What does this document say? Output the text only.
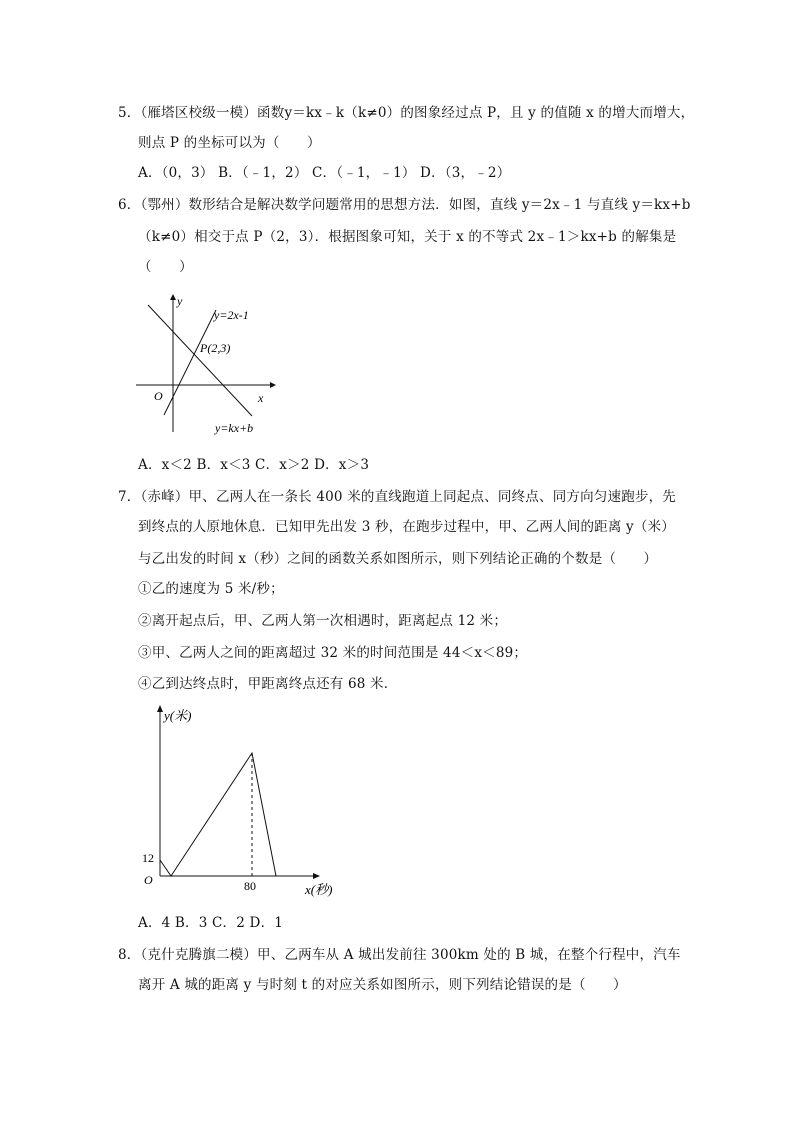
5．（雁塔区校级一模）函数y＝kx﹣k（k≠0）的图象经过点 P，且 y 的值随 x 的增大而增大，
则点 P 的坐标可以为（　　）
A．（0，3） B．（﹣1，2） C．（﹣1，﹣1） D．（3，﹣2）
6．（鄂州）数形结合是解决数学问题常用的思想方法．如图，直线 y＝2x﹣1 与直线 y＝kx+b
（k≠0）相交于点 P（2，3）．根据图象可知，关于 x 的不等式 2x﹣1＞kx+b 的解集是
（　　）
y
y=2x-1
P(2,3)
O	x
y=kx+b
A．x＜2 B．x＜3 C．x＞2 D．x＞3
7．（赤峰）甲、乙两人在一条长 400 米的直线跑道上同起点、同终点、同方向匀速跑步，先
到终点的人原地休息．已知甲先出发 3 秒，在跑步过程中，甲、乙两人间的距离 y（米）
与乙出发的时间 x（秒）之间的函数关系如图所示，则下列结论正确的个数是（　　）
①乙的速度为 5 米/秒；
②离开起点后，甲、乙两人第一次相遇时，距离起点 12 米；
③甲、乙两人之间的距离超过 32 米的时间范围是 44＜x＜89；
④乙到达终点时，甲距离终点还有 68 米．
y(米)
12
O	80	x(秒)
A．4 B．3 C．2 D．1
8．（克什克腾旗二模）甲、乙两车从 A 城出发前往 300km 处的 B 城，在整个行程中，汽车
离开 A 城的距离 y 与时刻 t 的对应关系如图所示，则下列结论错误的是（　　）
